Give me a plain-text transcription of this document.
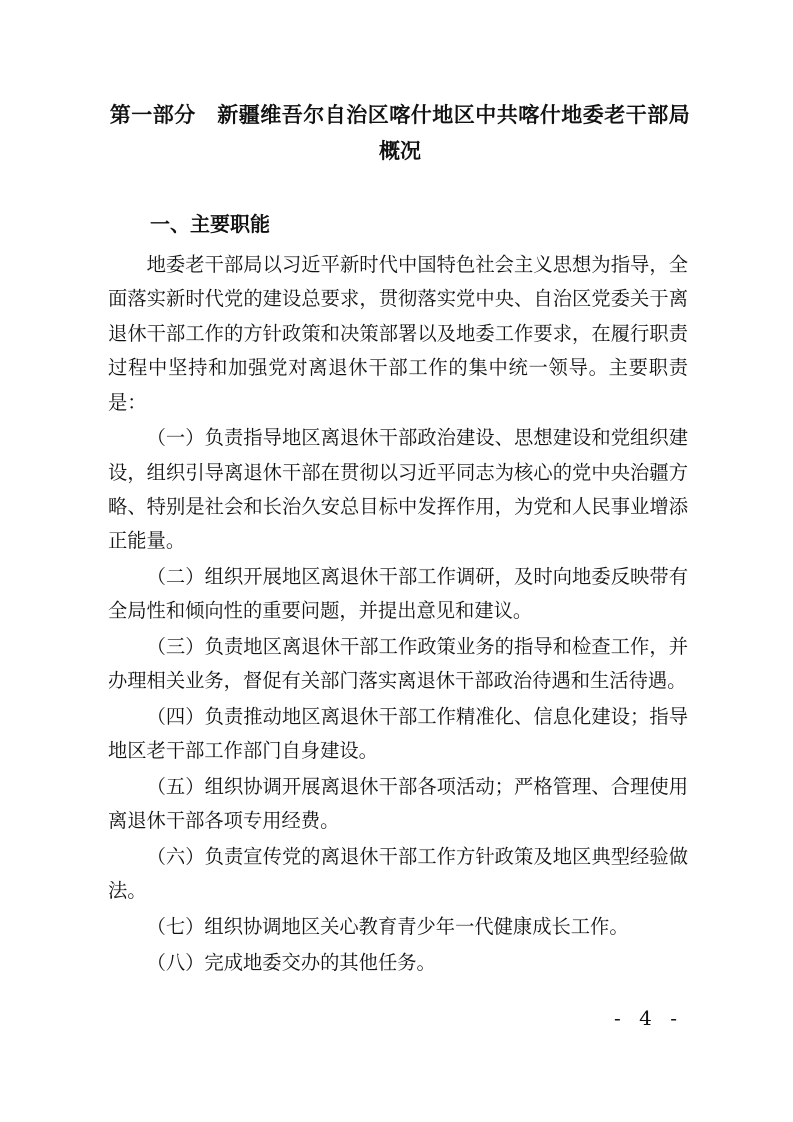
第一部分　新疆维吾尔自治区喀什地区中共喀什地委老干部局
概况
一、主要职能

地委老干部局以习近平新时代中国特色社会主义思想为指导，全面落实新时代党的建设总要求，贯彻落实党中央、自治区党委关于离退休干部工作的方针政策和决策部署以及地委工作要求，在履行职责过程中坚持和加强党对离退休干部工作的集中统一领导。主要职责是：

（一）负责指导地区离退休干部政治建设、思想建设和党组织建设，组织引导离退休干部在贯彻以习近平同志为核心的党中央治疆方略、特别是社会和长治久安总目标中发挥作用，为党和人民事业增添正能量。

（二）组织开展地区离退休干部工作调研，及时向地委反映带有全局性和倾向性的重要问题，并提出意见和建议。

（三）负责地区离退休干部工作政策业务的指导和检查工作，并办理相关业务，督促有关部门落实离退休干部政治待遇和生活待遇。

（四）负责推动地区离退休干部工作精准化、信息化建设；指导地区老干部工作部门自身建设。

（五）组织协调开展离退休干部各项活动；严格管理、合理使用离退休干部各项专用经费。

（六）负责宣传党的离退休干部工作方针政策及地区典型经验做法。

（七）组织协调地区关心教育青少年一代健康成长工作。

（八）完成地委交办的其他任务。

- 4 -
